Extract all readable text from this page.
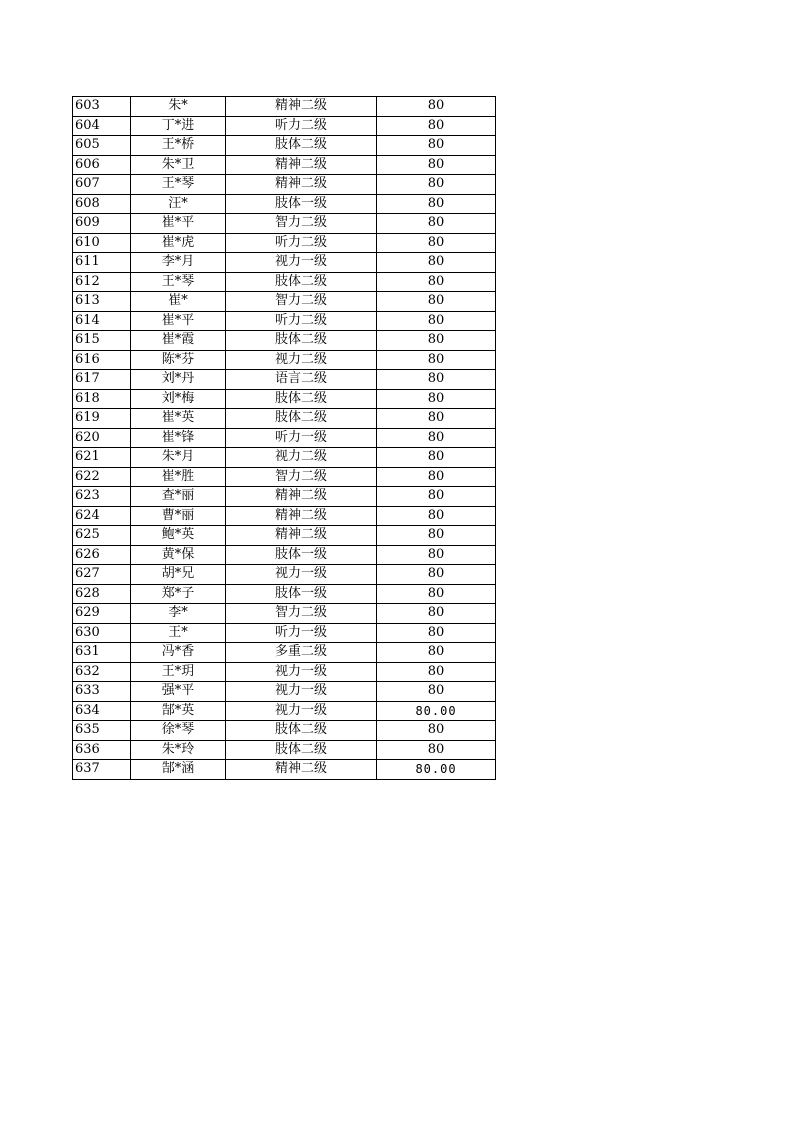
603	朱*	精神二级	80
604	丁*进	听力二级	80
605	王*桥	肢体二级	80
606	朱*卫	精神二级	80
607	王*琴	精神二级	80
608	汪*	肢体一级	80
609	崔*平	智力二级	80
610	崔*虎	听力二级	80
611	李*月	视力一级	80
612	王*琴	肢体二级	80
613	崔*	智力二级	80
614	崔*平	听力二级	80
615	崔*霞	肢体二级	80
616	陈*芬	视力二级	80
617	刘*丹	语言二级	80
618	刘*梅	肢体二级	80
619	崔*英	肢体二级	80
620	崔*锋	听力一级	80
621	朱*月	视力二级	80
622	崔*胜	智力二级	80
623	查*丽	精神二级	80
624	曹*丽	精神二级	80
625	鲍*英	精神二级	80
626	黄*保	肢体一级	80
627	胡*兄	视力一级	80
628	郑*子	肢体一级	80
629	李*	智力二级	80
630	王*	听力一级	80
631	冯*香	多重二级	80
632	王*玥	视力一级	80
633	强*平	视力一级	80
634	郜*英	视力一级	80.00
635	徐*琴	肢体二级	80
636	朱*玲	肢体二级	80
637	郜*涵	精神二级	80.00
